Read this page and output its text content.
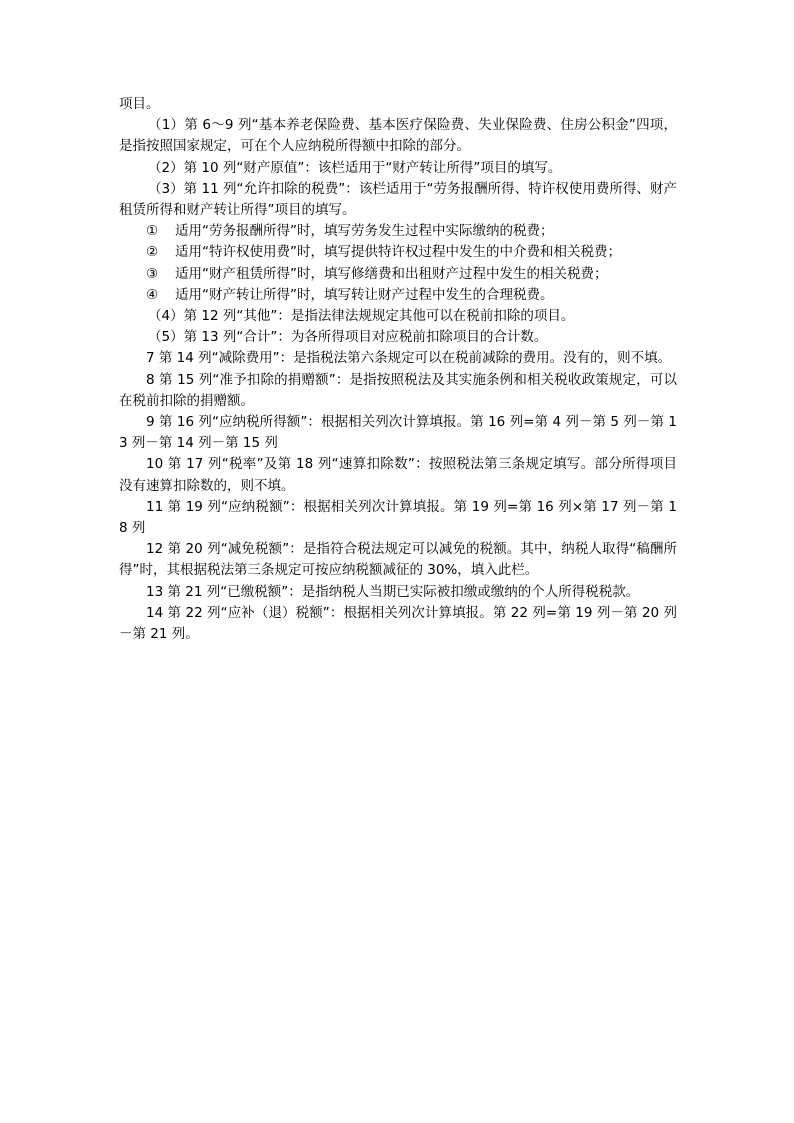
项目。

（1）第 6～9 列“基本养老保险费、基本医疗保险费、失业保险费、住房公积金”四项，是指按照国家规定，可在个人应纳税所得额中扣除的部分。

（2）第 10 列“财产原值”：该栏适用于“财产转让所得”项目的填写。

（3）第 11 列“允许扣除的税费”：该栏适用于“劳务报酬所得、特许权使用费所得、财产租赁所得和财产转让所得”项目的填写。

① 适用“劳务报酬所得”时，填写劳务发生过程中实际缴纳的税费；

② 适用“特许权使用费”时，填写提供特许权过程中发生的中介费和相关税费；

③ 适用“财产租赁所得”时，填写修缮费和出租财产过程中发生的相关税费；

④ 适用“财产转让所得”时，填写转让财产过程中发生的合理税费。

（4）第 12 列“其他”：是指法律法规规定其他可以在税前扣除的项目。

（5）第 13 列“合计”：为各所得项目对应税前扣除项目的合计数。

7 第 14 列“减除费用”：是指税法第六条规定可以在税前减除的费用。没有的，则不填。

8 第 15 列“准予扣除的捐赠额”：是指按照税法及其实施条例和相关税收政策规定，可以在税前扣除的捐赠额。

9 第 16 列“应纳税所得额”：根据相关列次计算填报。第 16 列=第 4 列－第 5 列－第 13 列－第 14 列－第 15 列

10 第 17 列“税率”及第 18 列“速算扣除数”：按照税法第三条规定填写。部分所得项目没有速算扣除数的，则不填。

11 第 19 列“应纳税额”：根据相关列次计算填报。第 19 列=第 16 列×第 17 列－第 18 列

12 第 20 列“减免税额”：是指符合税法规定可以减免的税额。其中，纳税人取得“稿酬所得”时，其根据税法第三条规定可按应纳税额减征的 30%，填入此栏。

13 第 21 列“已缴税额”：是指纳税人当期已实际被扣缴或缴纳的个人所得税税款。

14 第 22 列“应补（退）税额”：根据相关列次计算填报。第 22 列=第 19 列－第 20 列－第 21 列。
